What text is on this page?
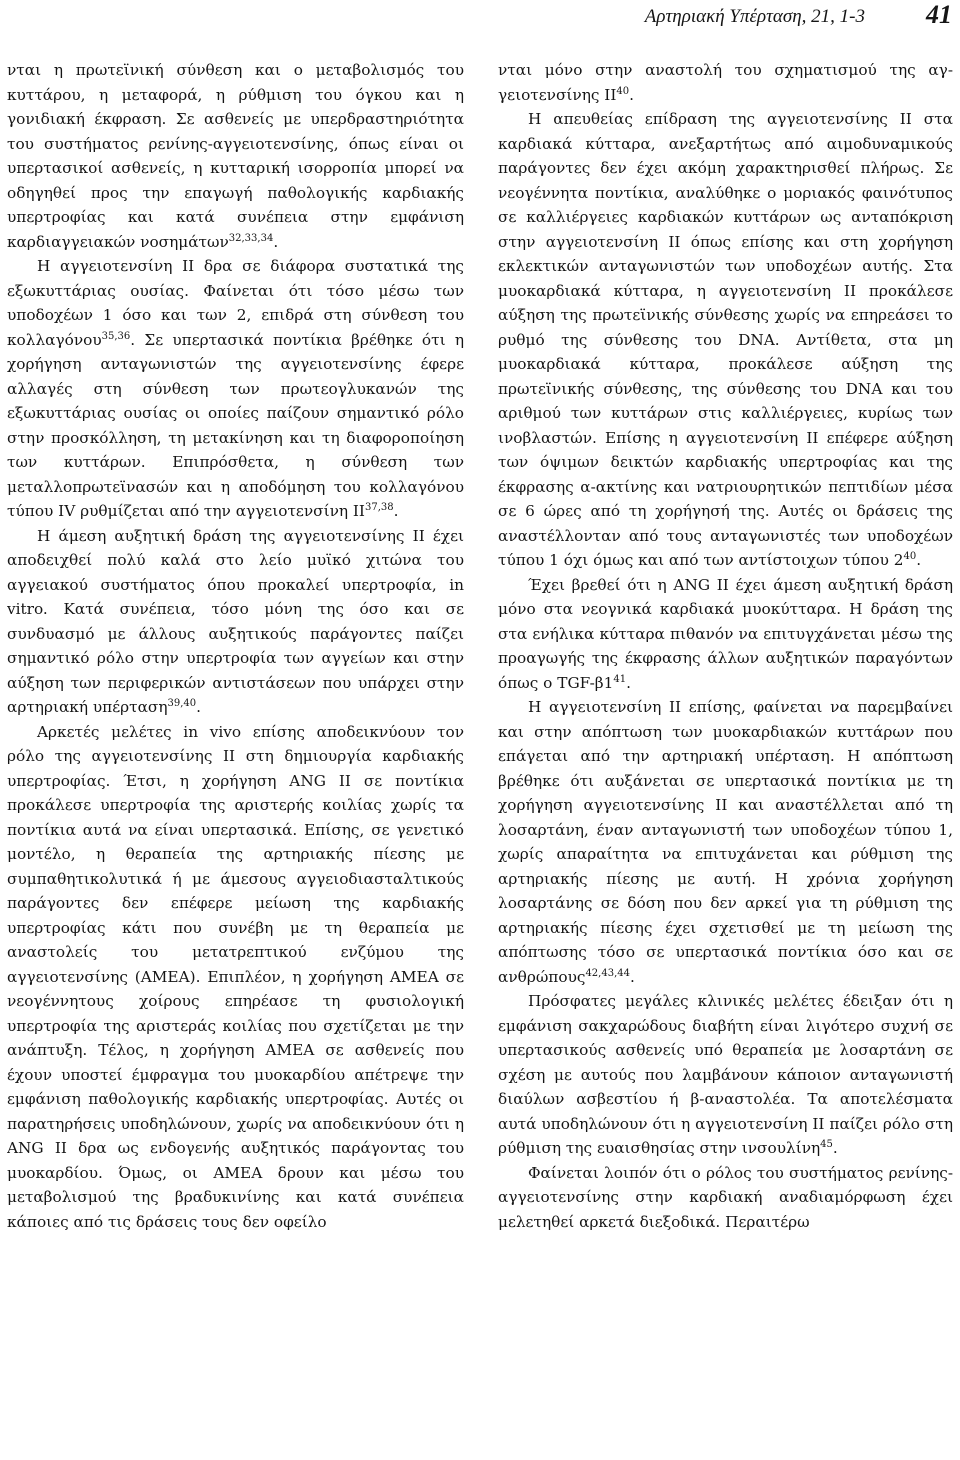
Αρτηριακή Υπέρταση, 21, 1-3 41

νται η πρωτεϊνική σύνθεση και ο μεταβολισμός του κυττάρου, η μεταφορά, η ρύθμιση του όγκου και η γονιδιακή έκφραση. Σε ασθενείς με υπερδραστηριότητα του συστήματος ρενίνης-αγγειοτενσίνης, όπως είναι οι υπερτασικοί ασθενείς, η κυτταρική ισορροπία μπορεί να οδηγηθεί προς την επαγωγή παθολογικής καρδιακής υπερτροφίας και κατά συνέπεια στην εμφάνιση καρδιαγγειακών νοσημάτων$^{32,33,34}$.

Η αγγειοτενσίνη ΙΙ δρα σε διάφορα συστατικά της εξωκυττάριας ουσίας. Φαίνεται ότι τόσο μέσω των υποδοχέων 1 όσο και των 2, επιδρά στη σύνθεση του κολλαγόνου$^{35,36}$. Σε υπερτασικά ποντίκια βρέθηκε ότι η χορήγηση ανταγωνιστών της αγγειοτενσίνης έφερε αλλαγές στη σύνθεση των πρωτεογλυκανών της εξωκυττάριας ουσίας οι οποίες παίζουν σημαντικό ρόλο στην προσκόλληση, τη μετακίνηση και τη διαφοροποίηση των κυττάρων. Επιπρόσθετα, η σύνθεση των μεταλλοπρωτεϊνασών και η αποδόμηση του κολλαγόνου τύπου IV ρυθμίζεται από την αγγειοτενσίνη ΙΙ$^{37,38}$.

Η άμεση αυξητική δράση της αγγειοτενσίνης ΙΙ έχει αποδειχθεί πολύ καλά στο λείο μυϊκό χιτώνα του αγγειακού συστήματος όπου προκαλεί υπερτροφία, in vitro. Κατά συνέπεια, τόσο μόνη της όσο και σε συνδυασμό με άλλους αυξητικούς παράγοντες παίζει σημαντικό ρόλο στην υπερτροφία των αγγείων και στην αύξηση των περιφερικών αντιστάσεων που υπάρχει στην αρτηριακή υπέρταση$^{39,40}$.

Αρκετές μελέτες in vivo επίσης αποδεικνύουν τον ρόλο της αγγειοτενσίνης ΙΙ στη δημιουργία καρδιακής υπερτροφίας. Έτσι, η χορήγηση ANG II σε ποντίκια προκάλεσε υπερτροφία της αριστερής κοιλίας χωρίς τα ποντίκια αυτά να είναι υπερτασικά. Επίσης, σε γενετικό μοντέλο, η θεραπεία της αρτηριακής πίεσης με συμπαθητικολυτικά ή με άμεσους αγγειοδιασταλτικούς παράγοντες δεν επέφερε μείωση της καρδιακής υπερτροφίας κάτι που συνέβη με τη θεραπεία με αναστολείς του μετατρεπτικού ενζύμου της αγγειοτενσίνης (ΑΜΕΑ). Επιπλέον, η χορήγηση ΑΜΕΑ σε νεογέννητους χοίρους επηρέασε τη φυσιολογική υπερτροφία της αριστεράς κοιλίας που σχετίζεται με την ανάπτυξη. Τέλος, η χορήγηση ΑΜΕΑ σε ασθενείς που έχουν υποστεί έμφραγμα του μυοκαρδίου απέτρεψε την εμφάνιση παθολογικής καρδιακής υπερτροφίας. Αυτές οι παρατηρήσεις υποδηλώνουν, χωρίς να αποδεικνύουν ότι η ANG II δρα ως ενδογενής αυξητικός παράγοντας του μυοκαρδίου. Όμως, οι ΑΜΕΑ δρουν και μέσω του μεταβολισμού της βραδυκινίνης και κατά συνέπεια κάποιες από τις δράσεις τους δεν οφείλο

νται μόνο στην αναστολή του σχηματισμού της αγγειοτενσίνης ΙΙ$^{40}$.

Η απευθείας επίδραση της αγγειοτενσίνης ΙΙ στα καρδιακά κύτταρα, ανεξαρτήτως από αιμοδυναμικούς παράγοντες δεν έχει ακόμη χαρακτηρισθεί πλήρως. Σε νεογέννητα ποντίκια, αναλύθηκε ο μοριακός φαινότυπος σε καλλιέργειες καρδιακών κυττάρων ως ανταπόκριση στην αγγειοτενσίνη ΙΙ όπως επίσης και στη χορήγηση εκλεκτικών ανταγωνιστών των υποδοχέων αυτής. Στα μυοκαρδιακά κύτταρα, η αγγειοτενσίνη ΙΙ προκάλεσε αύξηση της πρωτεϊνικής σύνθεσης χωρίς να επηρεάσει το ρυθμό της σύνθεσης του DNA. Αντίθετα, στα μη μυοκαρδιακά κύτταρα, προκάλεσε αύξηση της πρωτεϊνικής σύνθεσης, της σύνθεσης του DNA και του αριθμού των κυττάρων στις καλλιέργειες, κυρίως των ινοβλαστών. Επίσης η αγγειοτενσίνη ΙΙ επέφερε αύξηση των όψιμων δεικτών καρδιακής υπερτροφίας και της έκφρασης α-ακτίνης και νατριουρητικών πεπτιδίων μέσα σε 6 ώρες από τη χορήγησή της. Αυτές οι δράσεις της αναστέλλονταν από τους ανταγωνιστές των υποδοχέων τύπου 1 όχι όμως και από των αντίστοιχων τύπου $2^{40}$.

Έχει βρεθεί ότι η ANG II έχει άμεση αυξητική δράση μόνο στα νεογνικά καρδιακά μυοκύτταρα. Η δράση της στα ενήλικα κύτταρα πιθανόν να επιτυγχάνεται μέσω της προαγωγής της έκφρασης άλλων αυξητικών παραγόντων όπως ο TGF-$\beta 1^{41}$.

Η αγγειοτενσίνη ΙΙ επίσης, φαίνεται να παρεμβαίνει και στην απόπτωση των μυοκαρδιακών κυττάρων που επάγεται από την αρτηριακή υπέρταση. Η απόπτωση βρέθηκε ότι αυξάνεται σε υπερτασικά ποντίκια με τη χορήγηση αγγειοτενσίνης ΙΙ και αναστέλλεται από τη λοσαρτάνη, έναν ανταγωνιστή των υποδοχέων τύπου 1, χωρίς απαραίτητα να επιτυχάνεται και ρύθμιση της αρτηριακής πίεσης με αυτή. Η χρόνια χορήγηση λοσαρτάνης σε δόση που δεν αρκεί για τη ρύθμιση της αρτηριακής πίεσης έχει σχετισθεί με τη μείωση της απόπτωσης τόσο σε υπερτασικά ποντίκια όσο και σε ανθρώπους$^{42,43,44}$.

Πρόσφατες μεγάλες κλινικές μελέτες έδειξαν ότι η εμφάνιση σακχαρώδους διαβήτη είναι λιγότερο συχνή σε υπερτασικούς ασθενείς υπό θεραπεία με λοσαρτάνη σε σχέση με αυτούς που λαμβάνουν κάποιον ανταγωνιστή διαύλων ασβεστίου ή β-αναστολέα. Τα αποτελέσματα αυτά υποδηλώνουν ότι η αγγειοτενσίνη ΙΙ παίζει ρόλο στη ρύθμιση της ευαισθησίας στην ινσουλίνη$^{45}$.

Φαίνεται λοιπόν ότι ο ρόλος του συστήματος ρενίνης-αγγειοτενσίνης στην καρδιακή αναδιαμόρφωση έχει μελετηθεί αρκετά διεξοδικά. Περαιτέρω
